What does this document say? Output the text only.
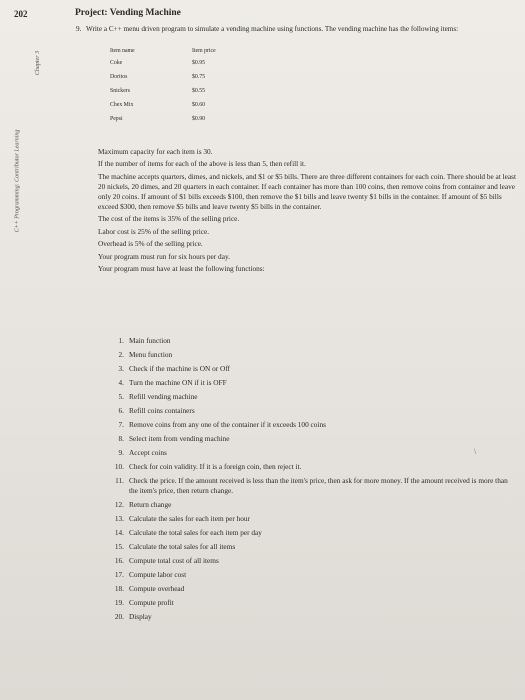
202
Chapter 3
C++ Programming: Contributor Learning
Project: Vending Machine
9. Write a C++ menu driven program to simulate a vending machine using functions. The vending machine has the following items:
Item name	Item price
Coke	$0.95
Doritos	$0.75
Snickers	$0.55
Chex Mix	$0.60
Pepsi	$0.90

Maximum capacity for each item is 30.

If the number of items for each of the above is less than 5, then refill it.

The machine accepts quarters, dimes, and nickels, and $1 or $5 bills. There are three different containers for each coin. There should be at least 20 nickels, 20 dimes, and 20 quarters in each container. If each container has more than 100 coins, then remove coins from container and leave only 20 coins. If amount of $1 bills exceeds $100, then remove the $1 bills and leave twenty $1 bills in the container. If amount of $5 bills exceed $300, then remove $5 bills and leave twenty $5 bills in the container.

The cost of the items is 35% of the selling price.

Labor cost is 25% of the selling price.

Overhead is 5% of the selling price.

Your program must run for six hours per day.

Your program must have at least the following functions:

1. Main function
2. Menu function
3. Check if the machine is ON or Off
4. Turn the machine ON if it is OFF
5. Refill vending machine
6. Refill coins containers
7. Remove coins from any one of the container if it exceeds 100 coins
8. Select item from vending machine
9. Accept coins
10. Check for coin validity. If it is a foreign coin, then reject it.
11. Check the price. If the amount received is less than the item's price, then ask for more money. If the amount received is more than the item's price, then return change.
12. Return change
13. Calculate the sales for each item per hour
14. Calculate the total sales for each item per day
15. Calculate the total sales for all items
16. Compute total cost of all items
17. Compute labor cost
18. Compute overhead
19. Compute profit
20. Display
\
